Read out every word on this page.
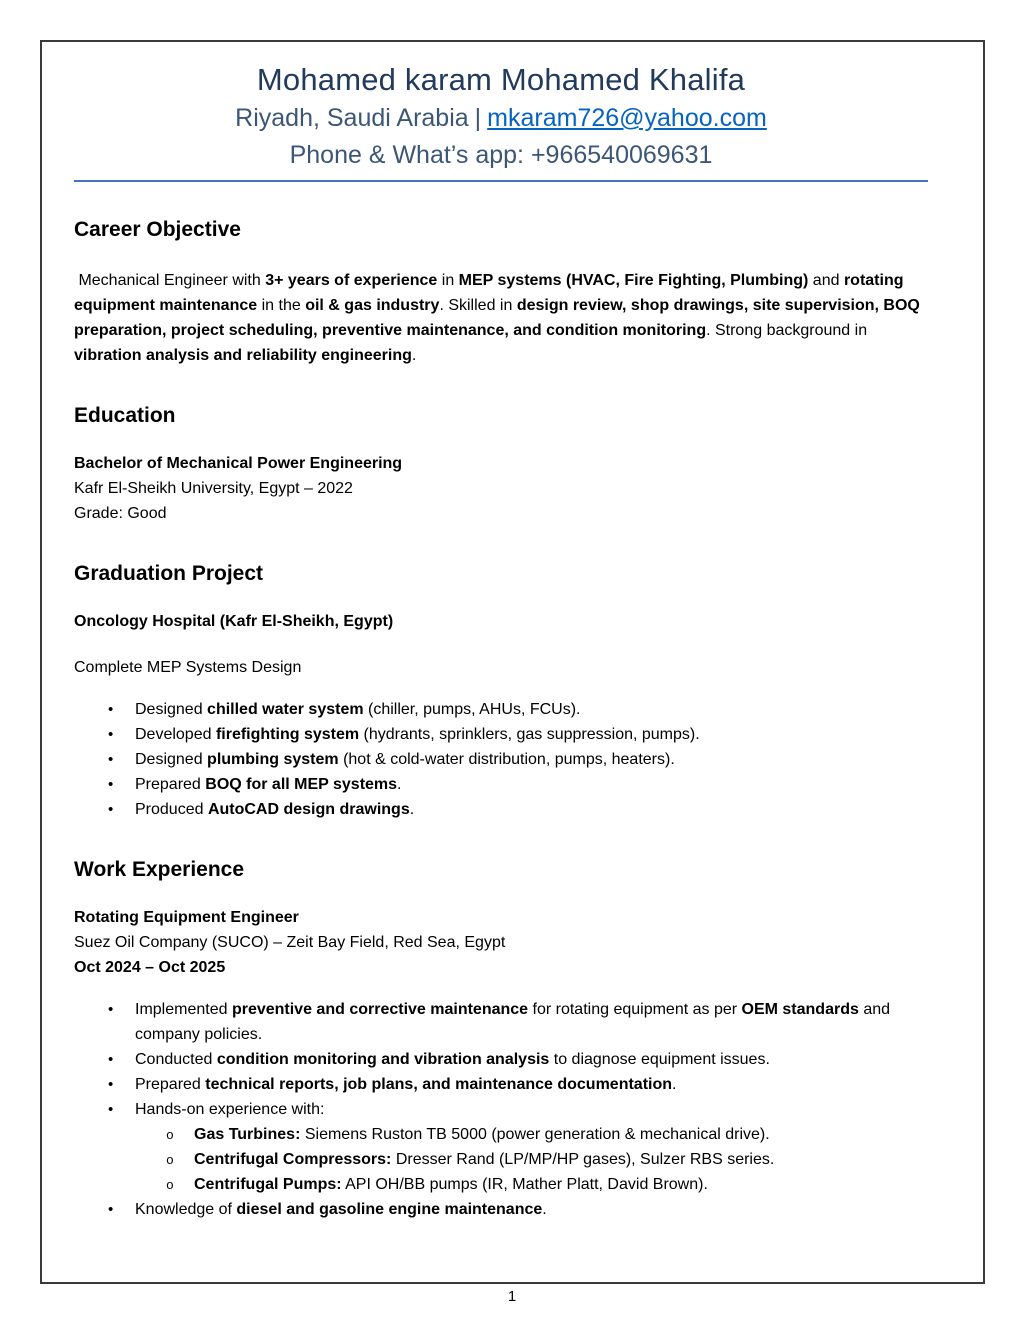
Mohamed karam Mohamed Khalifa
Riyadh, Saudi Arabia | mkaram726@yahoo.com
Phone & What’s app: +966540069631
Career Objective

Mechanical Engineer with 3+ years of experience in MEP systems (HVAC, Fire Fighting, Plumbing) and rotating equipment maintenance in the oil & gas industry. Skilled in design review, shop drawings, site supervision, BOQ preparation, project scheduling, preventive maintenance, and condition monitoring. Strong background in vibration analysis and reliability engineering.

Education
Bachelor of Mechanical Power Engineering
Kafr El-Sheikh University, Egypt – 2022
Grade: Good
Graduation Project
Oncology Hospital (Kafr El-Sheikh, Egypt)
Complete MEP Systems Design
• Designed chilled water system (chiller, pumps, AHUs, FCUs).
• Developed firefighting system (hydrants, sprinklers, gas suppression, pumps).
• Designed plumbing system (hot & cold-water distribution, pumps, heaters).
• Prepared BOQ for all MEP systems.
• Produced AutoCAD design drawings.
Work Experience
Rotating Equipment Engineer
Suez Oil Company (SUCO) – Zeit Bay Field, Red Sea, Egypt
Oct 2024 – Oct 2025
• Implemented preventive and corrective maintenance for rotating equipment as per OEM standards and company policies.
• Conducted condition monitoring and vibration analysis to diagnose equipment issues.
• Prepared technical reports, job plans, and maintenance documentation.
• Hands-on experience with:
o Gas Turbines: Siemens Ruston TB 5000 (power generation & mechanical drive).
o Centrifugal Compressors: Dresser Rand (LP/MP/HP gases), Sulzer RBS series.
o Centrifugal Pumps: API OH/BB pumps (IR, Mather Platt, David Brown).
• Knowledge of diesel and gasoline engine maintenance.
1
